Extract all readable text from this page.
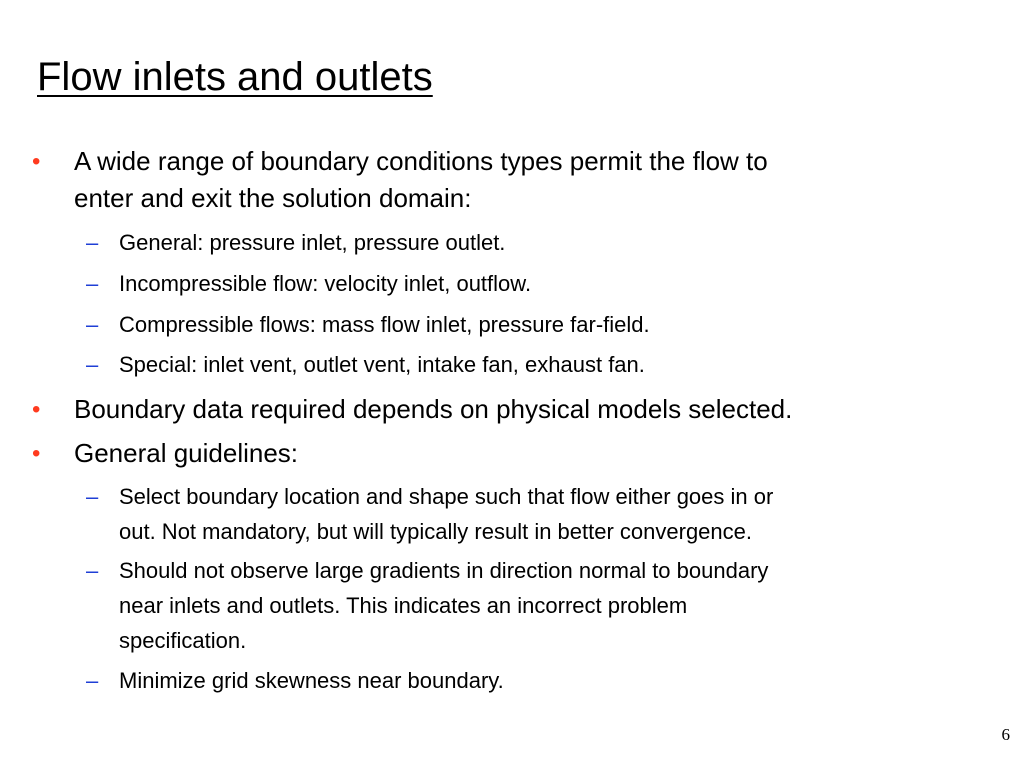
Flow inlets and outlets
• A wide range of boundary conditions types permit the flow to
enter and exit the solution domain:
– General: pressure inlet, pressure outlet.
– Incompressible flow: velocity inlet, outflow.
– Compressible flows: mass flow inlet, pressure far-field.
– Special: inlet vent, outlet vent, intake fan, exhaust fan.
• Boundary data required depends on physical models selected.
• General guidelines:
– Select boundary location and shape such that flow either goes in or
out. Not mandatory, but will typically result in better convergence.
– Should not observe large gradients in direction normal to boundary
near inlets and outlets. This indicates an incorrect problem
specification.
– Minimize grid skewness near boundary.
6
